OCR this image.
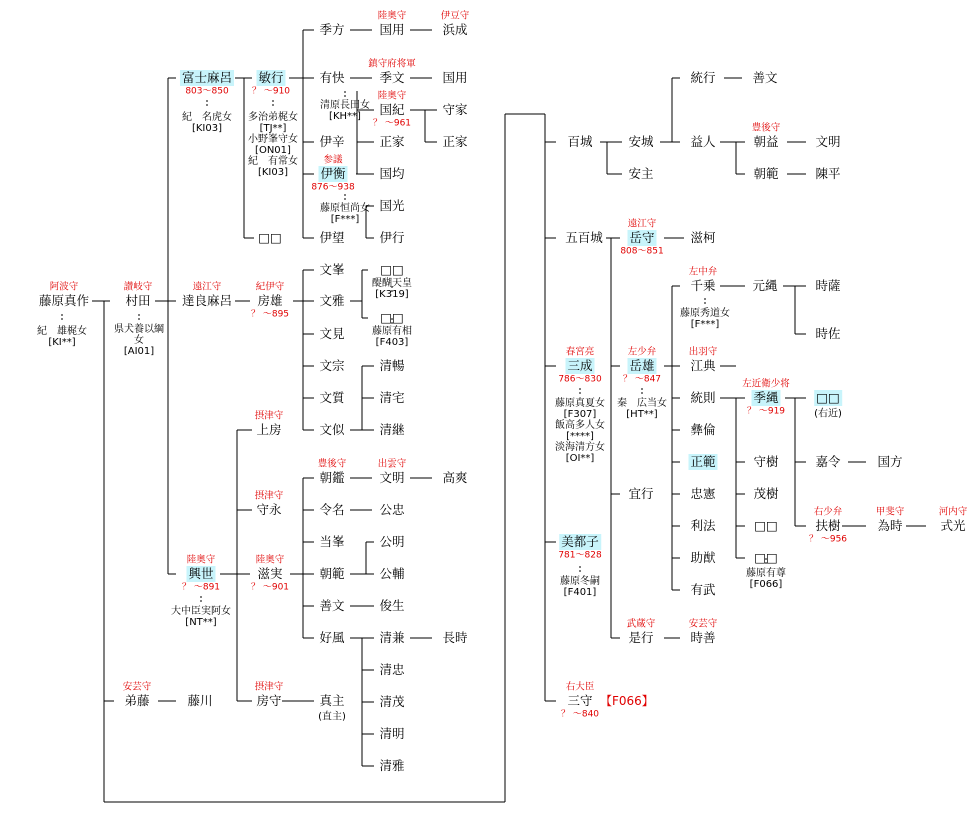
藤原真作
阿波守
村田
讃岐守
富士麻呂
803〜850
達良麻呂
遠江守
興世
陸奥守
？ 〜891
弟藤
安芸守
藤川
敏行
？ 〜910
□□
房雄
紀伊守
？ 〜895
上房
摂津守
守永
摂津守
滋実
陸奥守
？ 〜901
房守
摂津守
季方
有快
伊辛
伊衡
参議
876〜938
伊望
国用
陸奥守
浜成
伊豆守
季文
鎮守府将軍
国用
国紀
陸奥守
？ 〜961
守家
正家	正家
国均
国光
伊行
文峯
文雅
文見
文宗
文質
文似
□□
□□
清暢
清宅
清継
朝鑑
豊後守
文明
出雲守
高爽
令名	公忠
当峯	公明
朝範	公輔
善文	俊生
好風	清兼	長時
清忠
清茂
清明
清雅
真主
百城	安城
安主
統行	善文
益人	朝益
豊後守
文明
朝範	陳平
五百城 岳守
遠江守
808〜851
滋柯
三成
春宮亮
786〜830
岳雄
左少弁
？ 〜847
千乗
左中弁
元縄	時薩
時佐
江典
出羽守
統則	季縄
左近衛少将
？ 〜919
□□
彝倫
正範	守樹	嘉令	国方
宜行	忠憲	茂樹
利法	□□	扶樹
右少弁
？ 〜956
為時
甲斐守
式光
河内守
助猷	□□
有武
美都子
781〜828
是行
武蔵守
時善
安芸守
三守
右大臣
？ 〜840
紀　雄梶女
[KI**]
県犬養以綱
女
[AI01]
紀　名虎女
[KI03]
大中臣実阿女
[NT**]
多治弟梶女
[TJ**]
小野峯守女
[ON01]
紀　有常女
[KI03]
清原長田女
[KH**]
藤原恒尚女
[F***]
醍醐天皇
[K319]
藤原有相
[F403]
藤原真夏女
[F307]
飯高多人女
[****]
淡海清方女
[OI**]
秦　広当女
[HT**]
藤原秀道女
[F***]
藤原冬嗣
[F401]
藤原有尊
[F066]
(右近)
(直主)
【F066】
